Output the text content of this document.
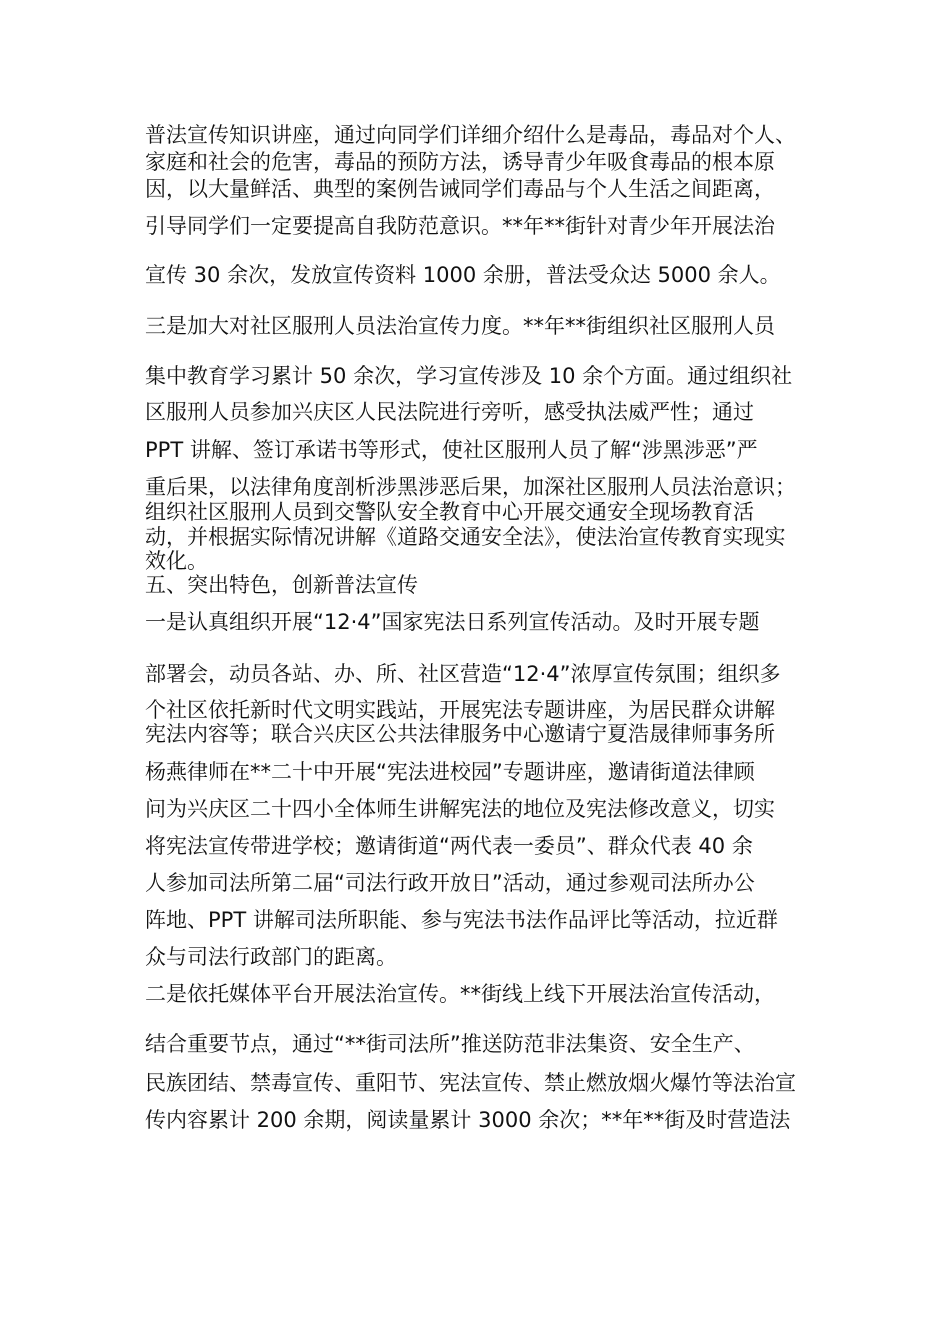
普法宣传知识讲座，通过向同学们详细介绍什么是毒品，毒品对个人、
家庭和社会的危害，毒品的预防方法，诱导青少年吸食毒品的根本原
因，以大量鲜活、典型的案例告诫同学们毒品与个人生活之间距离，
引导同学们一定要提高自我防范意识。**年**街针对青少年开展法治
宣传 30 余次，发放宣传资料 1000 余册，普法受众达 5000 余人。
三是加大对社区服刑人员法治宣传力度。**年**街组织社区服刑人员
集中教育学习累计 50 余次，学习宣传涉及 10 余个方面。通过组织社
区服刑人员参加兴庆区人民法院进行旁听，感受执法威严性；通过
PPT 讲解、签订承诺书等形式，使社区服刑人员了解“涉黑涉恶”严
重后果，以法律角度剖析涉黑涉恶后果，加深社区服刑人员法治意识；
组织社区服刑人员到交警队安全教育中心开展交通安全现场教育活
动，并根据实际情况讲解《道路交通安全法》，使法治宣传教育实现实
效化。
五、突出特色，创新普法宣传
一是认真组织开展“12·4”国家宪法日系列宣传活动。及时开展专题
部署会，动员各站、办、所、社区营造“12·4”浓厚宣传氛围；组织多
个社区依托新时代文明实践站，开展宪法专题讲座，为居民群众讲解
宪法内容等；联合兴庆区公共法律服务中心邀请宁夏浩晟律师事务所
杨燕律师在**二十中开展“宪法进校园”专题讲座，邀请街道法律顾
问为兴庆区二十四小全体师生讲解宪法的地位及宪法修改意义，切实
将宪法宣传带进学校；邀请街道“两代表一委员”、群众代表 40 余
人参加司法所第二届“司法行政开放日”活动，通过参观司法所办公
阵地、PPT 讲解司法所职能、参与宪法书法作品评比等活动，拉近群
众与司法行政部门的距离。
二是依托媒体平台开展法治宣传。**街线上线下开展法治宣传活动，
结合重要节点，通过“**街司法所”推送防范非法集资、安全生产、
民族团结、禁毒宣传、重阳节、宪法宣传、禁止燃放烟火爆竹等法治宣
传内容累计 200 余期，阅读量累计 3000 余次；**年**街及时营造法
